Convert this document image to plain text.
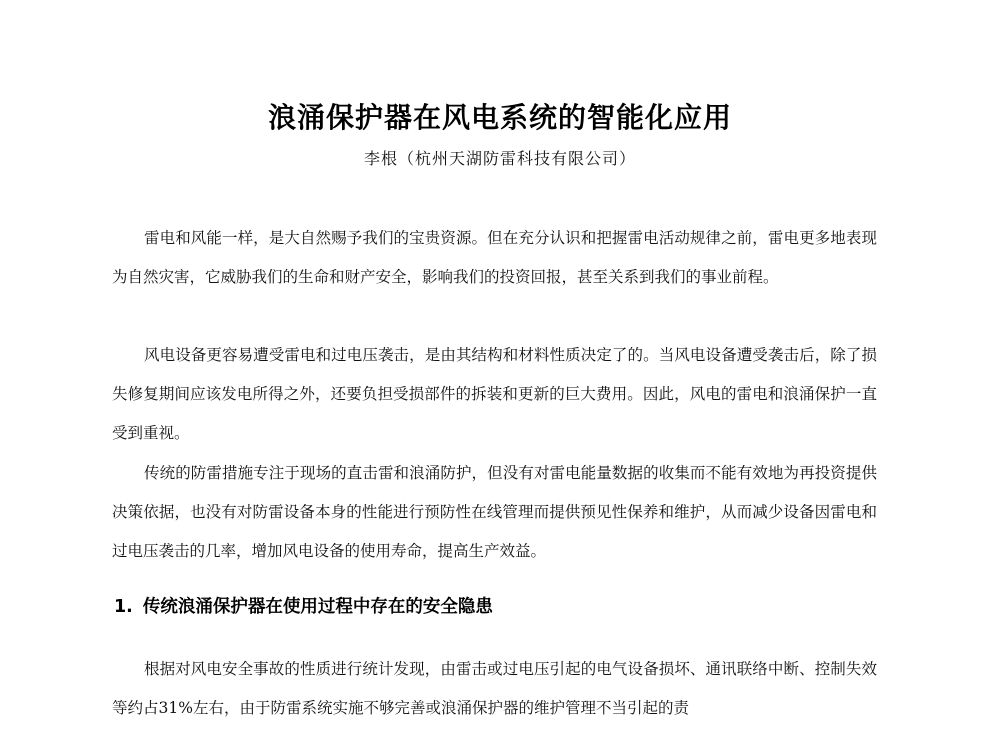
浪涌保护器在风电系统的智能化应用
李根（杭州天湖防雷科技有限公司）

雷电和风能一样，是大自然赐予我们的宝贵资源。但在充分认识和把握雷电活动规律之前，雷电更多地表现为自然灾害，它威胁我们的生命和财产安全，影响我们的投资回报，甚至关系到我们的事业前程。

风电设备更容易遭受雷电和过电压袭击，是由其结构和材料性质决定了的。当风电设备遭受袭击后，除了损失修复期间应该发电所得之外，还要负担受损部件的拆装和更新的巨大费用。因此，风电的雷电和浪涌保护一直受到重视。

传统的防雷措施专注于现场的直击雷和浪涌防护，但没有对雷电能量数据的收集而不能有效地为再投资提供决策依据，也没有对防雷设备本身的性能进行预防性在线管理而提供预见性保养和维护，从而减少设备因雷电和过电压袭击的几率，增加风电设备的使用寿命，提高生产效益。

1. 传统浪涌保护器在使用过程中存在的安全隐患

根据对风电安全事故的性质进行统计发现，由雷击或过电压引起的电气设备损坏、通讯联络中断、控制失效等约占31%左右，由于防雷系统实施不够完善或浪涌保护器的维护管理不当引起的责
